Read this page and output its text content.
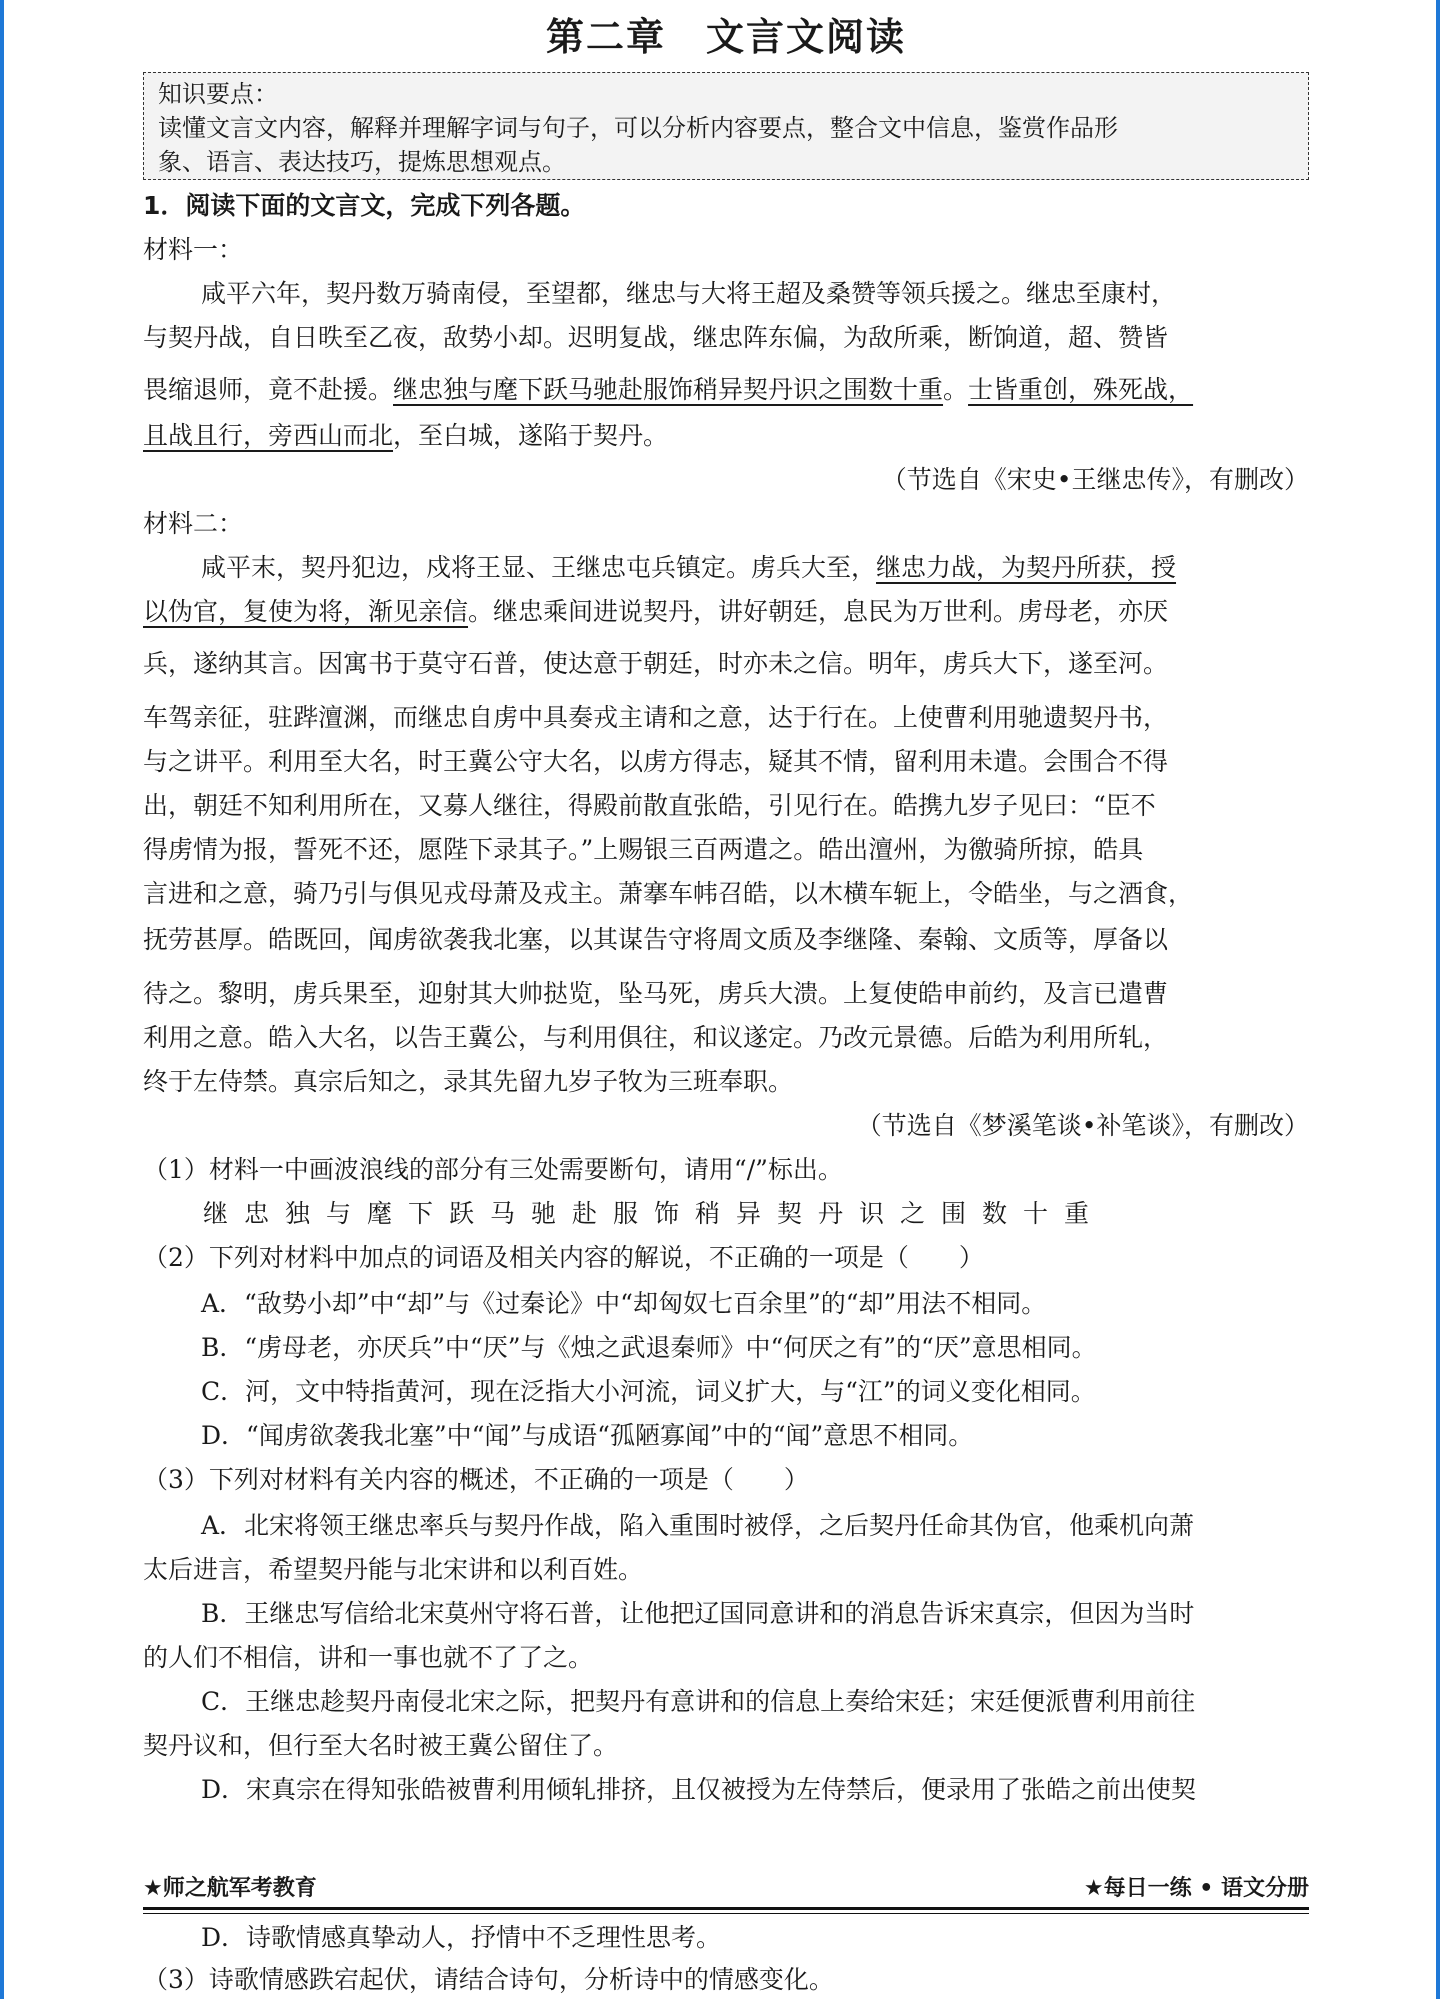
第二章　文言文阅读
知识要点：
读懂文言文内容，解释并理解字词与句子，可以分析内容要点，整合文中信息，鉴赏作品形
象、语言、表达技巧，提炼思想观点。
1．阅读下面的文言文，完成下列各题。
材料一：
咸平六年，契丹数万骑南侵，至望都，继忠与大将王超及桑赞等领兵援之。继忠至康村，
与契丹战，自日昳至乙夜，敌势小却。迟明复战，继忠阵东偏，为敌所乘，断饷道，超、赞皆
畏缩退师，竟不赴援。继忠独与麾下跃马驰赴服饰稍异契丹识之围数十重。士皆重创，殊死战，
且战且行，旁西山而北，至白城，遂陷于契丹。
（节选自《宋史•王继忠传》，有删改）
材料二：
咸平末，契丹犯边，戍将王显、王继忠屯兵镇定。虏兵大至，继忠力战，为契丹所获，授
以伪官，复使为将，渐见亲信。继忠乘间进说契丹，讲好朝廷，息民为万世利。虏母老，亦厌
兵，遂纳其言。因寓书于莫守石普，使达意于朝廷，时亦未之信。明年，虏兵大下，遂至河。
车驾亲征，驻跸澶渊，而继忠自虏中具奏戎主请和之意，达于行在。上使曹利用驰遗契丹书，
与之讲平。利用至大名，时王冀公守大名，以虏方得志，疑其不情，留利用未遣。会围合不得
出，朝廷不知利用所在，又募人继往，得殿前散直张皓，引见行在。皓携九岁子见曰：“臣不
得虏情为报，誓死不还，愿陛下录其子。”上赐银三百两遣之。皓出澶州，为徼骑所掠，皓具
言进和之意，骑乃引与俱见戎母萧及戎主。萧搴车帏召皓，以木横车轭上，令皓坐，与之酒食，
抚劳甚厚。皓既回，闻虏欲袭我北塞，以其谋告守将周文质及李继隆、秦翰、文质等，厚备以
待之。黎明，虏兵果至，迎射其大帅挞览，坠马死，虏兵大溃。上复使皓申前约，及言已遣曹
利用之意。皓入大名，以告王冀公，与利用俱往，和议遂定。乃改元景德。后皓为利用所轧，
终于左侍禁。真宗后知之，录其先留九岁子牧为三班奉职。
（节选自《梦溪笔谈•补笔谈》，有删改）
（1）材料一中画波浪线的部分有三处需要断句，请用“/”标出。
继忠独与麾下跃马驰赴服饰稍异契丹识之围数十重
（2）下列对材料中加点的词语及相关内容的解说，不正确的一项是（　　）
A．“敌势小却”中“却”与《过秦论》中“却匈奴七百余里”的“却”用法不相同。
B．“虏母老，亦厌兵”中“厌”与《烛之武退秦师》中“何厌之有”的“厌”意思相同。
C．河，文中特指黄河，现在泛指大小河流，词义扩大，与“江”的词义变化相同。
D．“闻虏欲袭我北塞”中“闻”与成语“孤陋寡闻”中的“闻”意思不相同。
（3）下列对材料有关内容的概述，不正确的一项是（　　）
A．北宋将领王继忠率兵与契丹作战，陷入重围时被俘，之后契丹任命其伪官，他乘机向萧
太后进言，希望契丹能与北宋讲和以利百姓。
B．王继忠写信给北宋莫州守将石普，让他把辽国同意讲和的消息告诉宋真宗，但因为当时
的人们不相信，讲和一事也就不了了之。
C．王继忠趁契丹南侵北宋之际，把契丹有意讲和的信息上奏给宋廷；宋廷便派曹利用前往
契丹议和，但行至大名时被王冀公留住了。
D．宋真宗在得知张皓被曹利用倾轧排挤，且仅被授为左侍禁后，便录用了张皓之前出使契
★师之航军考教育	★每日一练 • 语文分册
D．诗歌情感真挚动人，抒情中不乏理性思考。
（3）诗歌情感跌宕起伏，请结合诗句，分析诗中的情感变化。
